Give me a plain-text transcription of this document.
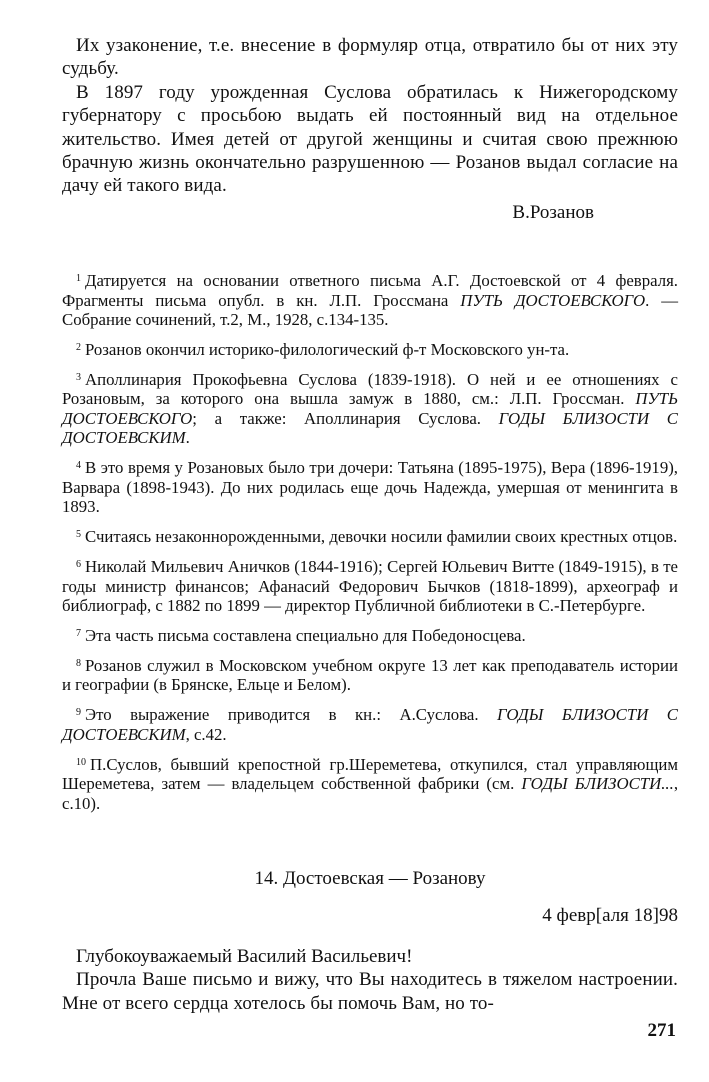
Их узаконение, т.е. внесение в формуляр отца, отвратило бы от них эту судьбу.

В 1897 году урожденная Суслова обратилась к Нижегородскому губернатору с просьбою выдать ей постоянный вид на отдельное жительство. Имея детей от другой женщины и считая свою прежнюю брачную жизнь окончательно разрушенною — Розанов выдал согласие на дачу ей такого вида.

В.Розанов

$^1$ Датируется на основании ответного письма А.Г. Достоевской от 4 февраля. Фрагменты письма опубл. в кн. Л.П. Гроссмана ПУТЬ ДОСТОЕВСКОГО. — Собрание сочинений, т.2, М., 1928, с.134-135.

$^2$ Розанов окончил историко-филологический ф-т Московского ун-та.

$^3$ Аполлинария Прокофьевна Суслова (1839-1918). О ней и ее отношениях с Розановым, за которого она вышла замуж в 1880, см.: Л.П. Гроссман. ПУТЬ ДОСТОЕВСКОГО; а также: Аполлинария Суслова. ГОДЫ БЛИЗОСТИ С ДОСТОЕВСКИМ.

$^4$ В это время у Розановых было три дочери: Татьяна (1895-1975), Вера (1896-1919), Варвара (1898-1943). До них родилась еще дочь Надежда, умершая от менингита в 1893.

$^5$ Считаясь незаконнорожденными, девочки носили фамилии своих крестных отцов.

$^6$ Николай Мильевич Аничков (1844-1916); Сергей Юльевич Витте (1849-1915), в те годы министр финансов; Афанасий Федорович Бычков (1818-1899), археограф и библиограф, с 1882 по 1899 — директор Публичной библиотеки в С.-Петербурге.

$^7$ Эта часть письма составлена специально для Победоносцева.

$^8$ Розанов служил в Московском учебном округе 13 лет как преподаватель истории и географии (в Брянске, Ельце и Белом).

$^9$ Это выражение приводится в кн.: А.Суслова. ГОДЫ БЛИЗОСТИ С ДОСТОЕВСКИМ, с.42.

$^{10}$ П.Суслов, бывший крепостной гр.Шереметева, откупился, стал управляющим Шереметева, затем — владельцем собственной фабрики (см. ГОДЫ БЛИЗОСТИ..., с.10).

14. Достоевская — Розанову
4 февр[аля 18]98

Глубокоуважаемый Василий Васильевич!

Прочла Ваше письмо и вижу, что Вы находитесь в тяжелом настроении. Мне от всего сердца хотелось бы помочь Вам, но то-

271
